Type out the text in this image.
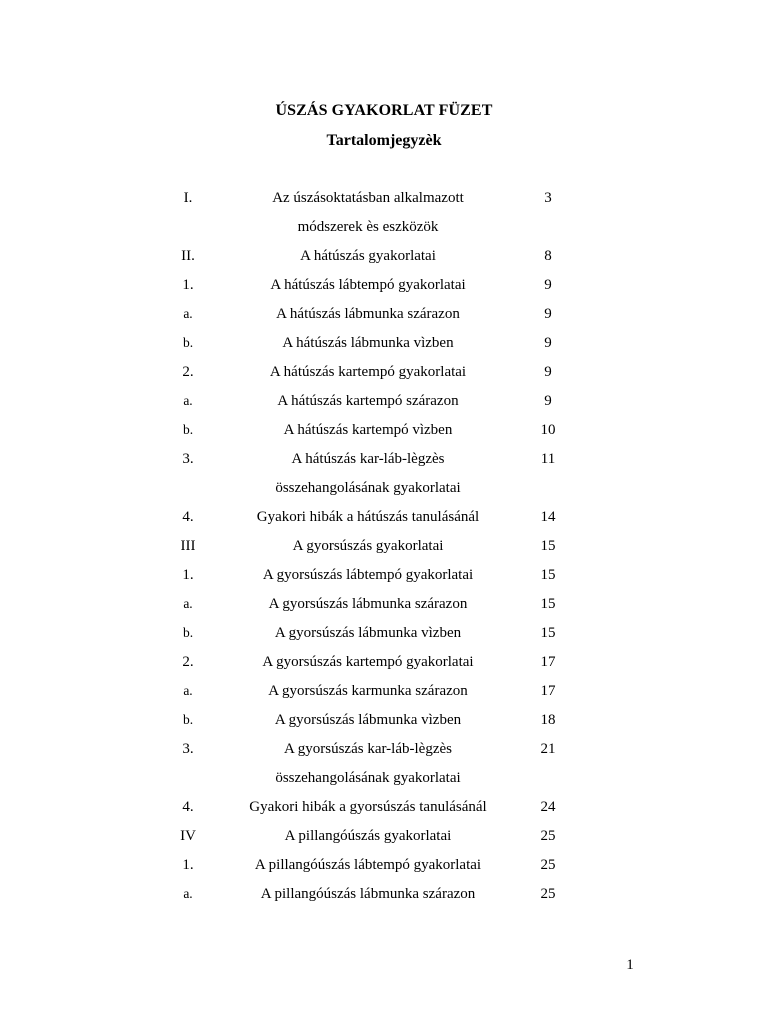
ÚSZÁS GYAKORLAT FÜZET
Tartalomjegyzèk
I.	Az úszásoktatásban alkalmazott	3
módszerek ès eszközök
II.	A hátúszás gyakorlatai	8
1.	A hátúszás lábtempó gyakorlatai	9
a.	A hátúszás lábmunka szárazon	9
b.	A hátúszás lábmunka vìzben	9
2.	A hátúszás kartempó gyakorlatai	9
a.	A hátúszás kartempó szárazon	9
b.	A hátúszás kartempó vìzben	10
3.	A hátúszás kar-láb-lègzès	11
összehangolásának gyakorlatai
4.	Gyakori hibák a hátúszás tanulásánál	14
III	A gyorsúszás gyakorlatai	15
1.	A gyorsúszás lábtempó gyakorlatai	15
a.	A gyorsúszás lábmunka szárazon	15
b.	A gyorsúszás lábmunka vìzben	15
2.	A gyorsúszás kartempó gyakorlatai	17
a.	A gyorsúszás karmunka szárazon	17
b.	A gyorsúszás lábmunka vìzben	18
3.	A gyorsúszás kar-láb-lègzès	21
összehangolásának gyakorlatai
4.	Gyakori hibák a gyorsúszás tanulásánál	24
IV	A pillangóúszás gyakorlatai	25
1.	A pillangóúszás lábtempó gyakorlatai	25
a.	A pillangóúszás lábmunka szárazon	25
1
